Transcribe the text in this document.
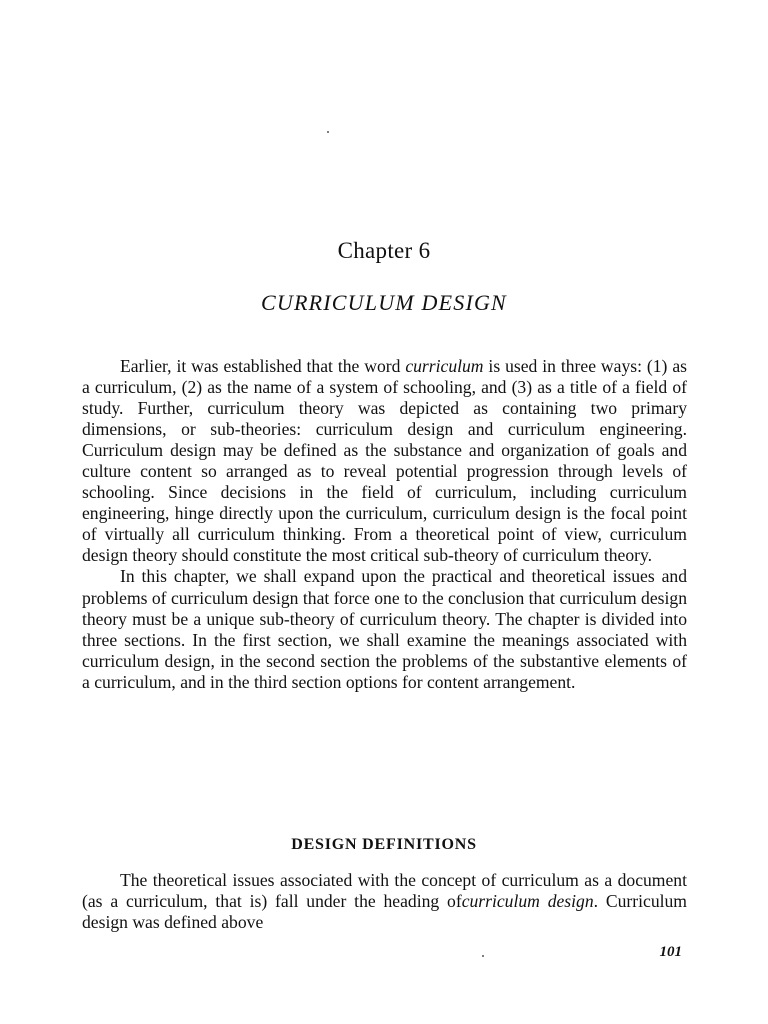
Chapter 6
CURRICULUM DESIGN

Earlier, it was established that the word curriculum is used in three ways: (1) as a curriculum, (2) as the name of a system of schooling, and (3) as a title of a field of study. Further, curriculum theory was depicted as containing two primary dimensions, or sub-theories: curriculum design and curriculum engineering. Curriculum design may be defined as the substance and organization of goals and culture content so arranged as to reveal potential progression through levels of schooling. Since decisions in the field of curriculum, including curriculum engineering, hinge directly upon the curriculum, curriculum design is the focal point of virtually all curriculum thinking. From a theoretical point of view, curriculum design theory should constitute the most critical sub-theory of curriculum theory.

In this chapter, we shall expand upon the practical and theoretical issues and problems of curriculum design that force one to the conclusion that curriculum design theory must be a unique sub-theory of curriculum theory. The chapter is divided into three sections. In the first section, we shall examine the meanings associated with curriculum design, in the second section the problems of the substantive elements of a curriculum, and in the third section options for content arrangement.

DESIGN DEFINITIONS

The theoretical issues associated with the concept of curriculum as a document (as a curriculum, that is) fall under the heading ofcurriculum design. Curriculum design was defined above

101
